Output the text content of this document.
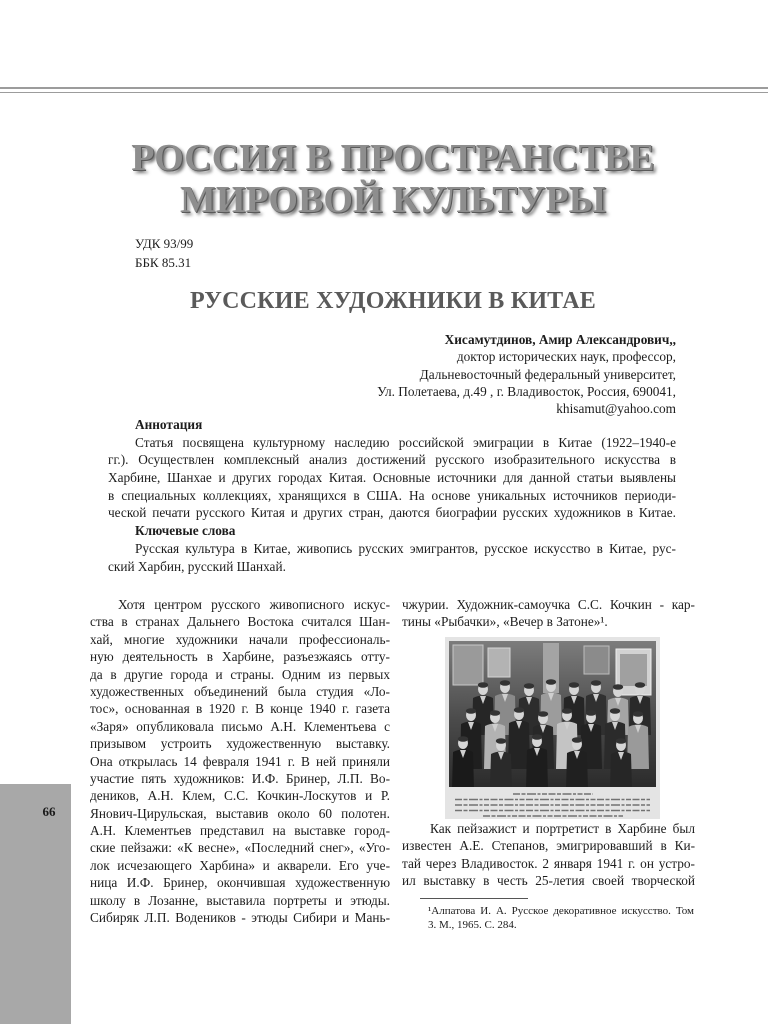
РОССИЯ В ПРОСТРАНСТВЕ
МИРОВОЙ КУЛЬТУРЫ
УДК 93/99
ББК 85.31
РУССКИЕ ХУДОЖНИКИ В КИТАЕ
Хисамутдинов, Амир Александрович,,
доктор исторических наук, профессор,
Дальневосточный федеральный университет,
Ул. Полетаева, д.49 , г. Владивосток, Россия, 690041,
khisamut@yahoo.com
Аннотация
Статья посвящена культурному наследию российской эмиграции в Китае (1922–1940-е
гг.). Осуществлен комплексный анализ достижений русского изобразительного искусства в
Харбине, Шанхае и других городах Китая. Основные источники для данной статьи выявлены
в специальных коллекциях, хранящихся в США. На основе уникальных источников периоди-
ческой печати русского Китая и других стран, даются биографии русских художников в Китае.
Ключевые слова
Русская культура в Китае, живопись русских эмигрантов, русское искусство в Китае, рус-
ский Харбин, русский Шанхай.
Хотя центром русского живописного искус-
ства в странах Дальнего Востока считался Шан-
хай, многие художники начали профессиональ-
ную деятельность в Харбине, разъезжаясь отту-
да в другие города и страны. Одним из первых
художественных объединений была студия «Ло-
тос», основанная в 1920 г. В конце 1940 г. газета
«Заря» опубликовала письмо А.Н. Клементьева с
призывом устроить художественную выставку.
Она открылась 14 февраля 1941 г. В ней приняли
участие пять художников: И.Ф. Бринер, Л.П. Во-
деников, А.Н. Клем, С.С. Кочкин-Лоскутов и Р.
Янович-Цирульская, выставив около 60 полотен.
А.Н. Клементьев представил на выставке город-
ские пейзажи: «К весне», «Последний снег», «Уго-
лок исчезающего Харбина» и акварели. Его уче-
ница И.Ф. Бринер, окончившая художественную
школу в Лозанне, выставила портреты и этюды.
Сибиряк Л.П. Водеников - этюды Сибири и Мань-
чжурии. Художник-самоучка С.С. Кочкин - кар-
тины «Рыбачки», «Вечер в Затоне»¹.
Как пейзажист и портретист в Харбине был
известен А.Е. Степанов, эмигрировавший в Ки-
тай через Владивосток. 2 января 1941 г. он устро-
ил выставку в честь 25-летия своей творческой
¹Алпатова И. А. Русское декоративное искусство. Том
3. М., 1965. С. 284.
66
